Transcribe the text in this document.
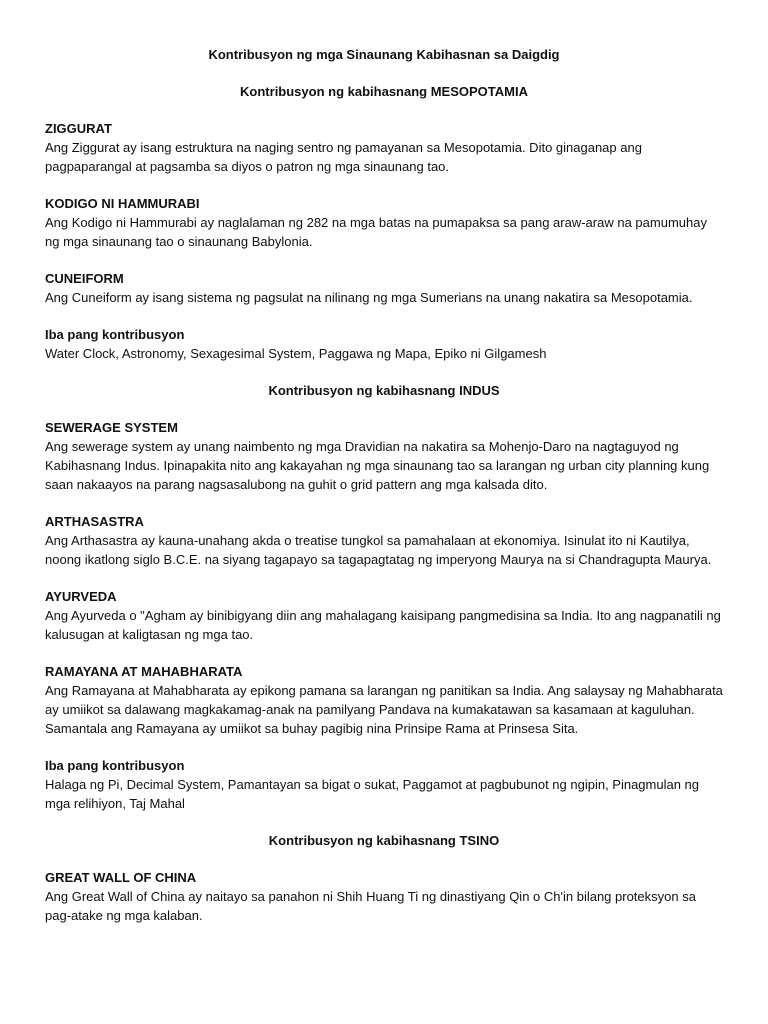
Kontribusyon ng mga Sinaunang Kabihasnan sa Daigdig
Kontribusyon ng kabihasnang MESOPOTAMIA
ZIGGURAT
Ang Ziggurat ay isang estruktura na naging sentro ng pamayanan sa Mesopotamia. Dito ginaganap ang pagpaparangal at pagsamba sa diyos o patron ng mga sinaunang tao.
KODIGO NI HAMMURABI
Ang Kodigo ni Hammurabi ay naglalaman ng 282 na mga batas na pumapaksa sa pang araw-araw na pamumuhay ng mga sinaunang tao o sinaunang Babylonia.
CUNEIFORM
Ang Cuneiform ay isang sistema ng pagsulat na nilinang ng mga Sumerians na unang nakatira sa Mesopotamia.
Iba pang kontribusyon
Water Clock, Astronomy, Sexagesimal System, Paggawa ng Mapa, Epiko ni Gilgamesh
Kontribusyon ng kabihasnang INDUS
SEWERAGE SYSTEM
Ang sewerage system ay unang naimbento ng mga Dravidian na nakatira sa Mohenjo-Daro na nagtaguyod ng Kabihasnang Indus. Ipinapakita nito ang kakayahan ng mga sinaunang tao sa larangan ng urban city planning kung saan nakaayos na parang nagsasalubong na guhit o grid pattern ang mga kalsada dito.
ARTHASASTRA
Ang Arthasastra ay kauna-unahang akda o treatise tungkol sa pamahalaan at ekonomiya. Isinulat ito ni Kautilya, noong ikatlong siglo B.C.E. na siyang tagapayo sa tagapagtatag ng imperyong Maurya na si Chandragupta Maurya.
AYURVEDA
Ang Ayurveda o "Agham ay binibigyang diin ang mahalagang kaisipang pangmedisina sa India. Ito ang nagpanatili ng kalusugan at kaligtasan ng mga tao.
RAMAYANA AT MAHABHARATA
Ang Ramayana at Mahabharata ay epikong pamana sa larangan ng panitikan sa India. Ang salaysay ng Mahabharata ay umiikot sa dalawang magkakamag-anak na pamilyang Pandava na kumakatawan sa kasamaan at kaguluhan. Samantala ang Ramayana ay umiikot sa buhay pagibig nina Prinsipe Rama at Prinsesa Sita.
Iba pang kontribusyon
Halaga ng Pi, Decimal System, Pamantayan sa bigat o sukat, Paggamot at pagbubunot ng ngipin, Pinagmulan ng mga relihiyon, Taj Mahal
Kontribusyon ng kabihasnang TSINO
GREAT WALL OF CHINA
Ang Great Wall of China ay naitayo sa panahon ni Shih Huang Ti ng dinastiyang Qin o Ch'in bilang proteksyon sa pag-atake ng mga kalaban.
